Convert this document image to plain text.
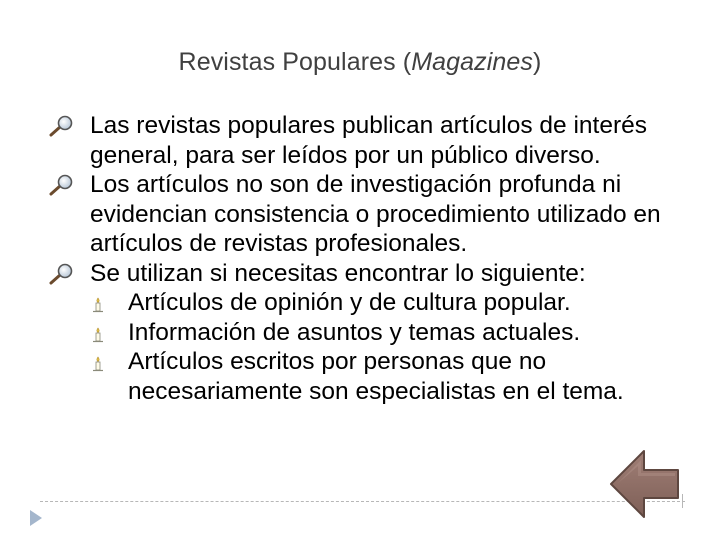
Revistas Populares (Magazines)
Las revistas populares publican artículos de interés general, para ser leídos por un público diverso.
Los artículos no son de investigación profunda ni evidencian consistencia o procedimiento utilizado en artículos de revistas profesionales.
Se utilizan si necesitas encontrar lo siguiente:
Artículos de opinión y de cultura popular.
Información de asuntos y temas actuales.
Artículos escritos por personas que no necesariamente son especialistas en el tema.
